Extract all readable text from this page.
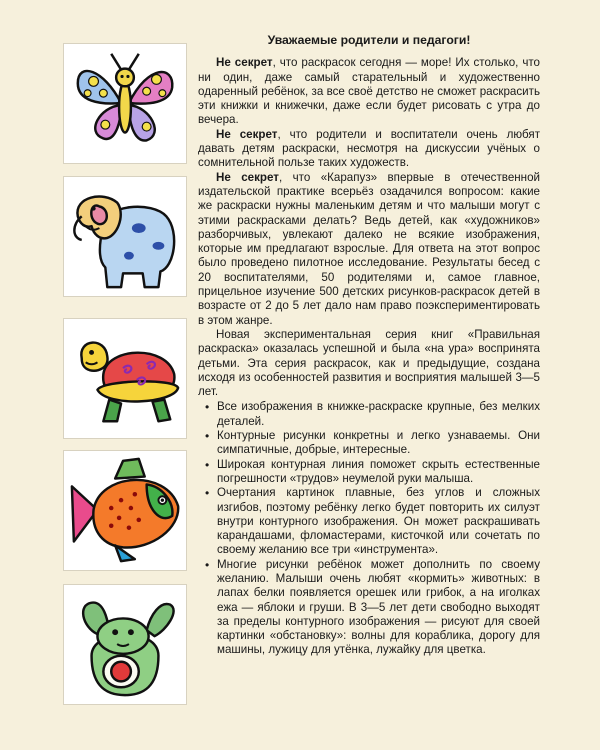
Уважаемые родители и педагоги!

Не секрет, что раскрасок сегодня — море! Их столько, что ни один, даже самый старательный и художественно одаренный ребёнок, за все своё детство не сможет раскрасить эти книжки и книжечки, даже если будет рисовать с утра до вечера.

Не секрет, что родители и воспитатели очень любят давать детям раскраски, несмотря на дискуссии учёных о сомнительной пользе таких художеств.

Не секрет, что «Карапуз» впервые в отечественной издательской практике всерьёз озадачился вопросом: какие же раскраски нужны маленьким детям и что малыши могут с этими раскрасками делать? Ведь детей, как «художников» разборчивых, увлекают далеко не всякие изображения, которые им предлагают взрослые. Для ответа на этот вопрос было проведено пилотное исследование. Результаты бесед с 20 воспитателями, 50 родителями и, самое главное, прицельное изучение 500 детских рисунков-раскрасок детей в возрасте от 2 до 5 лет дало нам право поэкспериментировать в этом жанре.

Новая экспериментальная серия книг «Правильная раскраска» оказалась успешной и была «на ура» воспринята детьми. Эта серия раскрасок, как и предыдущие, создана исходя из особенностей развития и восприятия малышей 3—5 лет.

• Все изображения в книжке-раскраске крупные, без мелких деталей.
• Контурные рисунки конкретны и легко узнаваемы. Они симпатичные, добрые, интересные.
• Широкая контурная линия поможет скрыть естественные погрешности «трудов» неумелой руки малыша.
• Очертания картинок плавные, без углов и сложных изгибов, поэтому ребёнку легко будет повторить их силуэт внутри контурного изображения. Он может раскрашивать карандашами, фломастерами, кисточкой или сочетать по своему желанию все три «инструмента».
• Многие рисунки ребёнок может дополнить по своему желанию. Малыши очень любят «кормить» животных: в лапах белки появляется орешек или грибок, а на иголках ежа — яблоки и груши. В 3—5 лет дети свободно выходят за пределы контурного изображения — рисуют для своей картинки «обстановку»: волны для кораблика, дорогу для машины, лужицу для утёнка, лужайку для цветка.
